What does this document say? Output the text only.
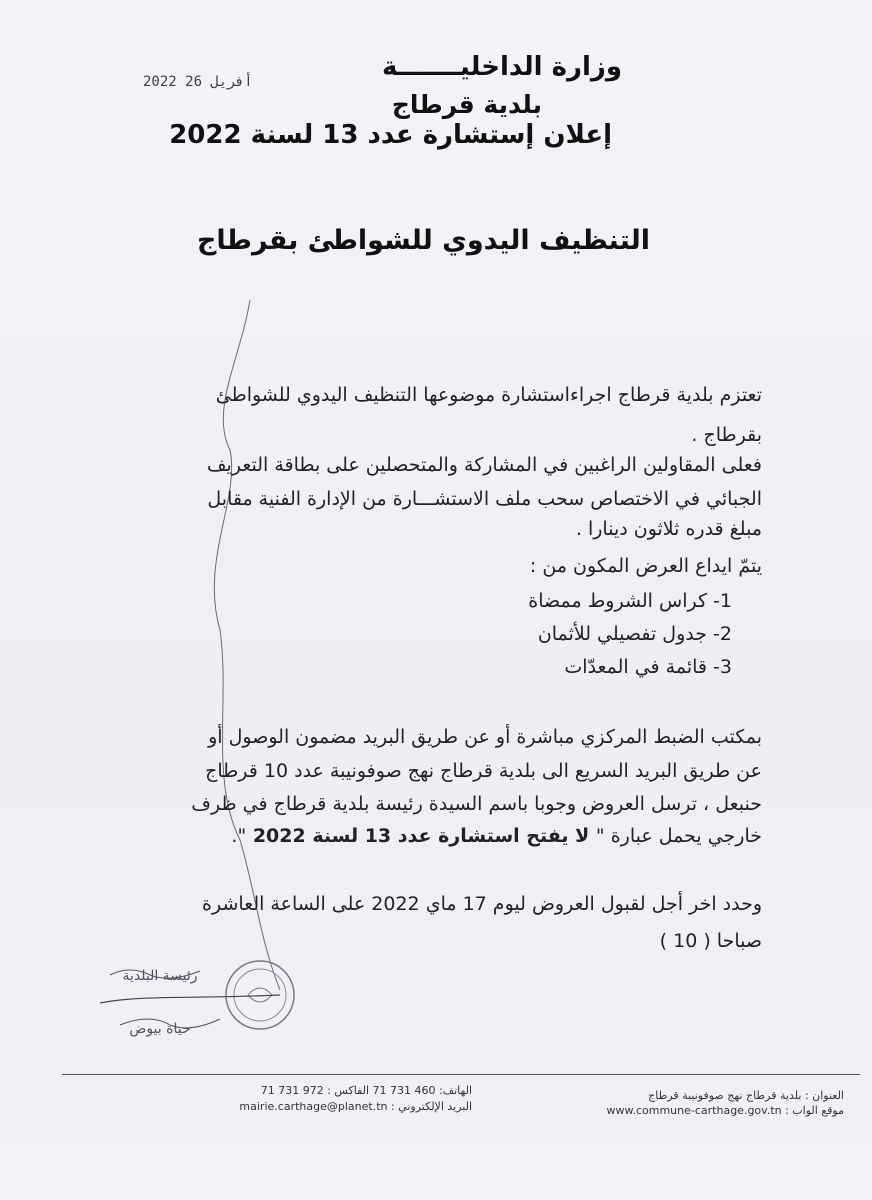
2022 أفريل 26	وزارة الداخليـــــــة
بلدية قرطاج
إعلان إستشارة عدد 13 لسنة 2022
التنظيف اليدوي للشواطئ بقرطاج
تعتزم بلدية قرطاج اجراءاستشارة موضوعها التنظيف اليدوي للشواطئ
بقرطاج .
فعلى المقاولين الراغبين في المشاركة والمتحصلين على بطاقة التعريف
الجبائي في الاختصاص سحب ملف الاستشـــارة من الإدارة الفنية مقابل
مبلغ قدره ثلاثون دينارا .
يتمّ ايداع العرض المكون من :
1- كراس الشروط ممضاة
2- جدول تفصيلي للأثمان
3- قائمة في المعدّات
بمكتب الضبط المركزي مباشرة أو عن طريق البريد مضمون الوصول أو
عن طريق البريد السريع الى بلدية قرطاج نهج صوفونيبة عدد 10 قرطاج
حنبعل ، ترسل العروض وجوبا باسم السيدة رئيسة بلدية قرطاج في ظرف
خارجي يحمل عبارة " لا يفتح استشارة عدد 13 لسنة 2022 ".
وحدد اخر أجل لقبول العروض ليوم 17 ماي 2022 على الساعة العاشرة
صباحا ( 10 )
رئيسة البلدية
حياة بيوض
العنوان : بلدية قرطاج نهج صوفونيبة قرطاج
موقع الواب : www.commune-carthage.gov.tn
الهاتف: 460 731 71 الفاكس : 972 731 71
البريد الإلكتروني : mairie.carthage@planet.tn
